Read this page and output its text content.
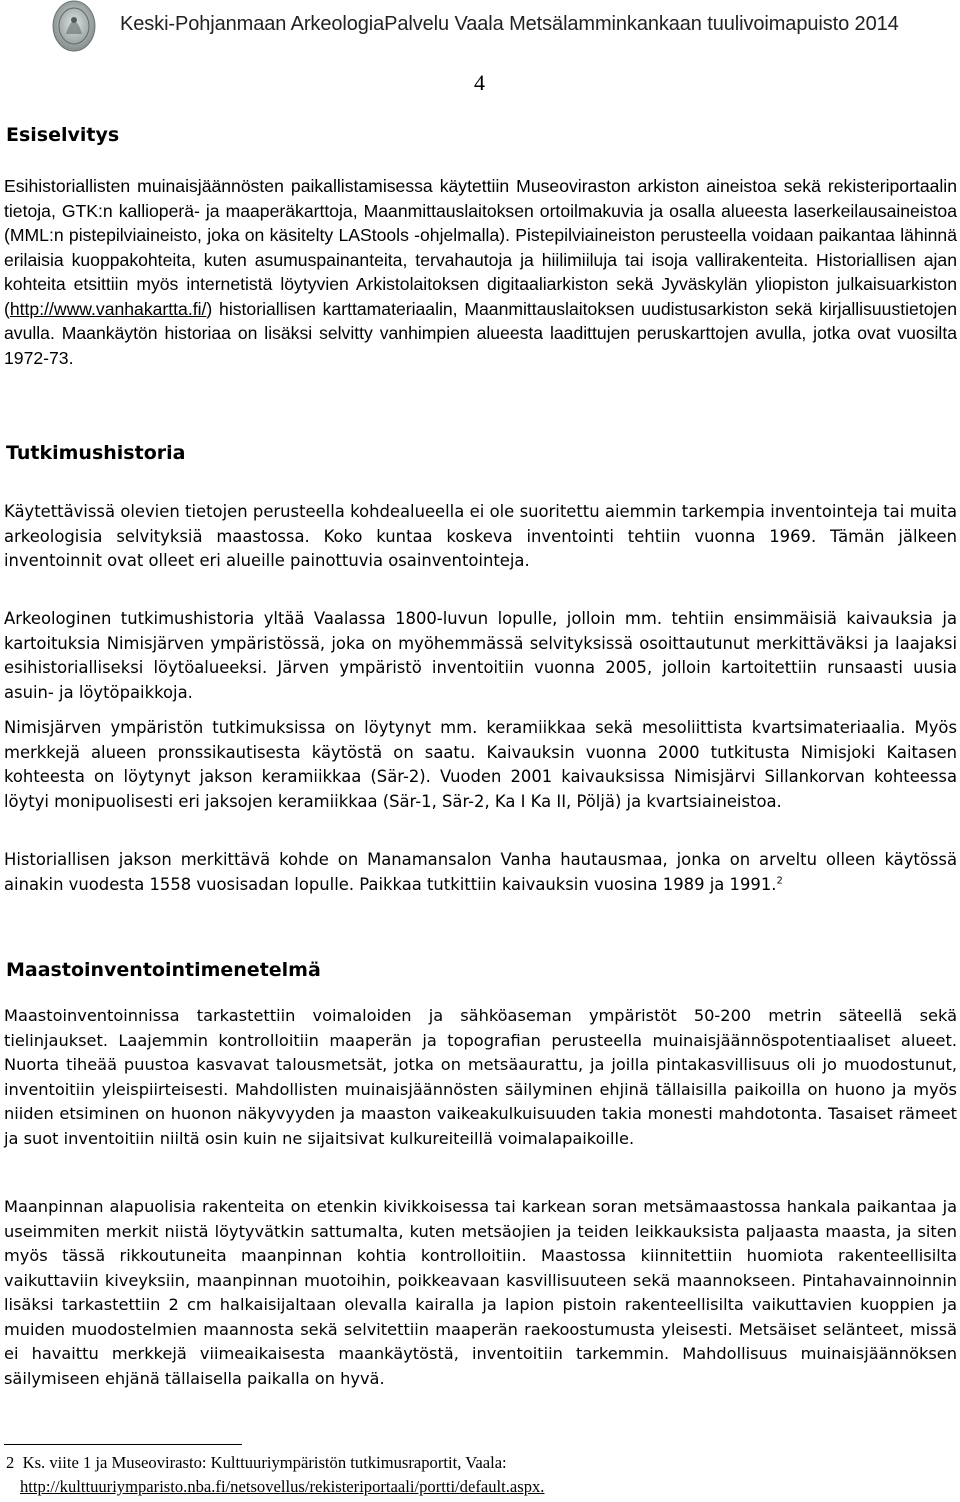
Keski-Pohjanmaan ArkeologiaPalvelu Vaala Metsälamminkankaan tuulivoimapuisto 2014
4
Esiselvitys

Esihistoriallisten muinaisjäännösten paikallistamisessa käytettiin Museoviraston arkiston aineistoa sekä rekisteriportaalin tietoja, GTK:n kallioperä- ja maaperäkarttoja, Maanmittauslaitoksen ortoilmakuvia ja osalla alueesta laserkeilausaineistoa (MML:n pistepilviaineisto, joka on käsitelty LAStools -ohjelmalla). Pistepilviaineiston perusteella voidaan paikantaa lähinnä erilaisia kuoppakohteita, kuten asumuspainanteita, tervahautoja ja hiilimiiluja tai isoja vallirakenteita. Historiallisen ajan kohteita etsittiin myös internetistä löytyvien Arkistolaitoksen digitaaliarkiston sekä Jyväskylän yliopiston julkaisuarkiston (http://www.vanhakartta.fi/) historiallisen karttamateriaalin, Maanmittauslaitoksen uudistusarkiston sekä kirjallisuustietojen avulla. Maankäytön historiaa on lisäksi selvitty vanhimpien alueesta laadittujen peruskarttojen avulla, jotka ovat vuosilta 1972-73.

Tutkimushistoria

Käytettävissä olevien tietojen perusteella kohdealueella ei ole suoritettu aiemmin tarkempia inventointeja tai muita arkeologisia selvityksiä maastossa. Koko kuntaa koskeva inventointi tehtiin vuonna 1969. Tämän jälkeen inventoinnit ovat olleet eri alueille painottuvia osainventointeja.

Arkeologinen tutkimushistoria yltää Vaalassa 1800-luvun lopulle, jolloin mm. tehtiin ensimmäisiä kaivauksia ja kartoituksia Nimisjärven ympäristössä, joka on myöhemmässä selvityksissä osoittautunut merkittäväksi ja laajaksi esihistorialliseksi löytöalueeksi. Järven ympäristö inventoitiin vuonna 2005, jolloin kartoitettiin runsaasti uusia asuin- ja löytöpaikkoja.

Nimisjärven ympäristön tutkimuksissa on löytynyt mm. keramiikkaa sekä mesoliittista kvartsimateriaalia. Myös merkkejä alueen pronssikautisesta käytöstä on saatu. Kaivauksin vuonna 2000 tutkitusta Nimisjoki Kaitasen kohteesta on löytynyt jakson keramiikkaa (Sär-2). Vuoden 2001 kaivauksissa Nimisjärvi Sillankorvan kohteessa löytyi monipuolisesti eri jaksojen keramiikkaa (Sär-1, Sär-2, Ka I Ka II, Pöljä) ja kvartsiaineistoa.

Historiallisen jakson merkittävä kohde on Manamansalon Vanha hautausmaa, jonka on arveltu olleen käytössä ainakin vuodesta 1558 vuosisadan lopulle. Paikkaa tutkittiin kaivauksin vuosina 1989 ja 1991.$^2$

Maastoinventointimenetelmä

Maastoinventoinnissa tarkastettiin voimaloiden ja sähköaseman ympäristöt 50-200 metrin säteellä sekä tielinjaukset. Laajemmin kontrolloitiin maaperän ja topografian perusteella muinaisjäännöspotentiaaliset alueet. Nuorta tiheää puustoa kasvavat talousmetsät, jotka on metsäaurattu, ja joilla pintakasvillisuus oli jo muodostunut, inventoitiin yleispiirteisesti. Mahdollisten muinaisjäännösten säilyminen ehjinä tällaisilla paikoilla on huono ja myös niiden etsiminen on huonon näkyvyyden ja maaston vaikeakulkuisuuden takia monesti mahdotonta. Tasaiset rämeet ja suot inventoitiin niiltä osin kuin ne sijaitsivat kulkureiteillä voimalapaikoille.

Maanpinnan alapuolisia rakenteita on etenkin kivikkoisessa tai karkean soran metsämaastossa hankala paikantaa ja useimmiten merkit niistä löytyvätkin sattumalta, kuten metsäojien ja teiden leikkauksista paljaasta maasta, ja siten myös tässä rikkoutuneita maanpinnan kohtia kontrolloitiin. Maastossa kiinnitettiin huomiota rakenteellisilta vaikuttaviin kiveyksiin, maanpinnan muotoihin, poikkeavaan kasvillisuuteen sekä maannokseen. Pintahavainnoinnin lisäksi tarkastettiin 2 cm halkaisijaltaan olevalla kairalla ja lapion pistoin rakenteellisilta vaikuttavien kuoppien ja muiden muodostelmien maannosta sekä selvitettiin maaperän raekoostumusta yleisesti. Metsäiset selänteet, missä ei havaittu merkkejä viimeaikaisesta maankäytöstä, inventoitiin tarkemmin. Mahdollisuus muinaisjäännöksen säilymiseen ehjänä tällaisella paikalla on hyvä.

2 Ks. viite 1 ja Museovirasto: Kulttuuriympäristön tutkimusraportit, Vaala:
http://kulttuuriymparisto.nba.fi/netsovellus/rekisteriportaali/portti/default.aspx.
